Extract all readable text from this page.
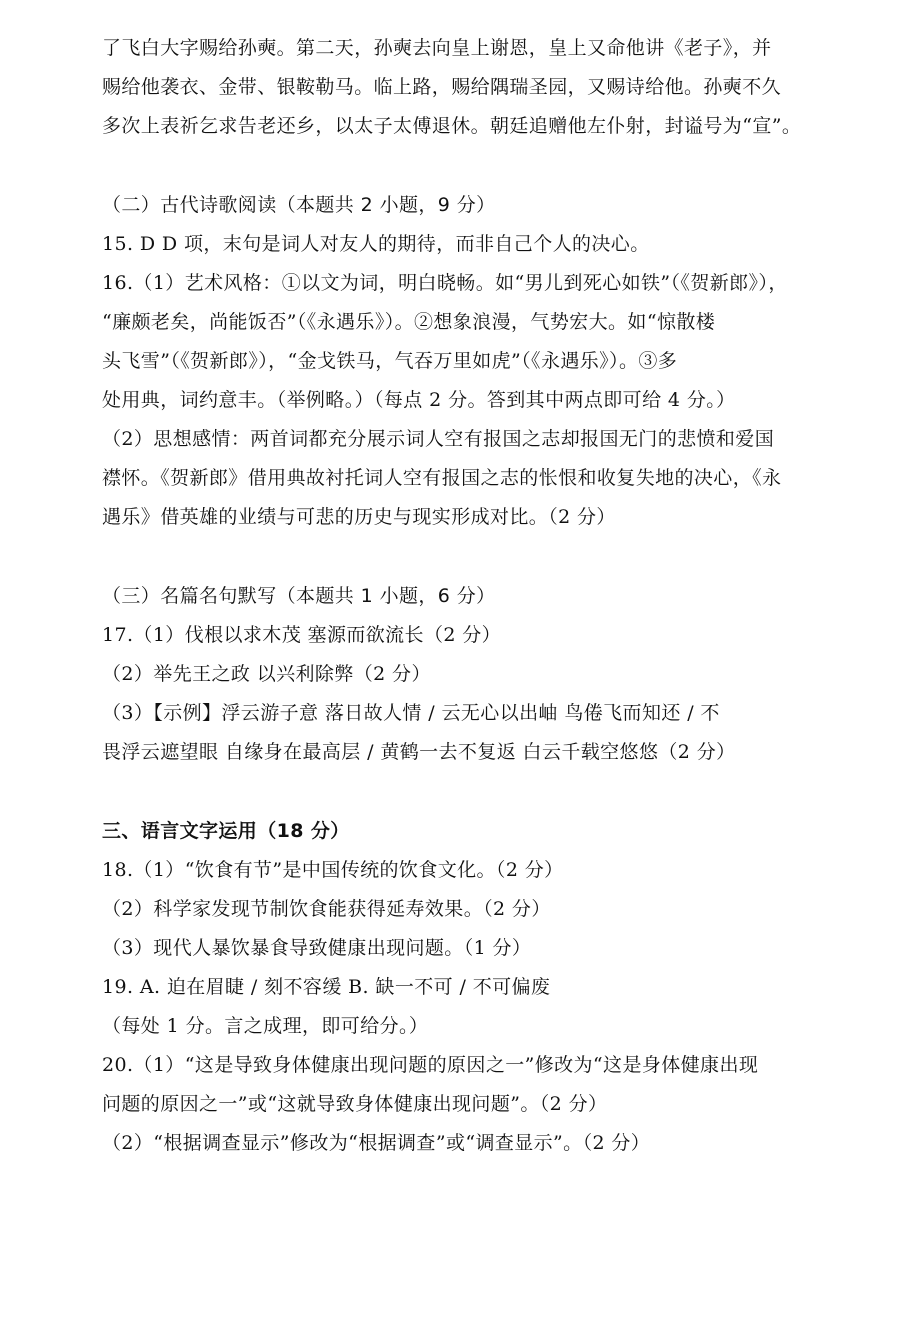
了飞白大字赐给孙奭。第二天，孙奭去向皇上谢恩，皇上又命他讲《老子》，并
赐给他袭衣、金带、银鞍勒马。临上路，赐给隅瑞圣园，又赐诗给他。孙奭不久
多次上表祈乞求告老还乡，以太子太傅退休。朝廷追赠他左仆射，封谥号为“宣”。
（二）古代诗歌阅读（本题共 2 小题，9 分）
15. D D 项，末句是词人对友人的期待，而非自己个人的决心。
16.（1）艺术风格：①以文为词，明白晓畅。如“男儿到死心如铁”（《贺新郎》），
“廉颇老矣，尚能饭否”（《永遇乐》）。②想象浪漫，气势宏大。如“惊散楼
头飞雪”（《贺新郎》），“金戈铁马，气吞万里如虎”（《永遇乐》）。③多
处用典，词约意丰。（举例略。）（每点 2 分。答到其中两点即可给 4 分。）
（2）思想感情：两首词都充分展示词人空有报国之志却报国无门的悲愤和爱国
襟怀。《贺新郎》借用典故衬托词人空有报国之志的怅恨和收复失地的决心，《永
遇乐》借英雄的业绩与可悲的历史与现实形成对比。（2 分）
（三）名篇名句默写（本题共 1 小题，6 分）
17.（1）伐根以求木茂 塞源而欲流长（2 分）
（2）举先王之政 以兴利除弊（2 分）
（3）【示例】浮云游子意 落日故人情 / 云无心以出岫 鸟倦飞而知还 / 不
畏浮云遮望眼 自缘身在最高层 / 黄鹤一去不复返 白云千载空悠悠（2 分）
三、语言文字运用（18 分）
18.（1）“饮食有节”是中国传统的饮食文化。（2 分）
（2）科学家发现节制饮食能获得延寿效果。（2 分）
（3）现代人暴饮暴食导致健康出现问题。（1 分）
19. A. 迫在眉睫 / 刻不容缓 B. 缺一不可 / 不可偏废
（每处 1 分。言之成理，即可给分。）
20.（1）“这是导致身体健康出现问题的原因之一”修改为“这是身体健康出现
问题的原因之一”或“这就导致身体健康出现问题”。（2 分）
（2）“根据调查显示”修改为“根据调查”或“调查显示”。（2 分）
